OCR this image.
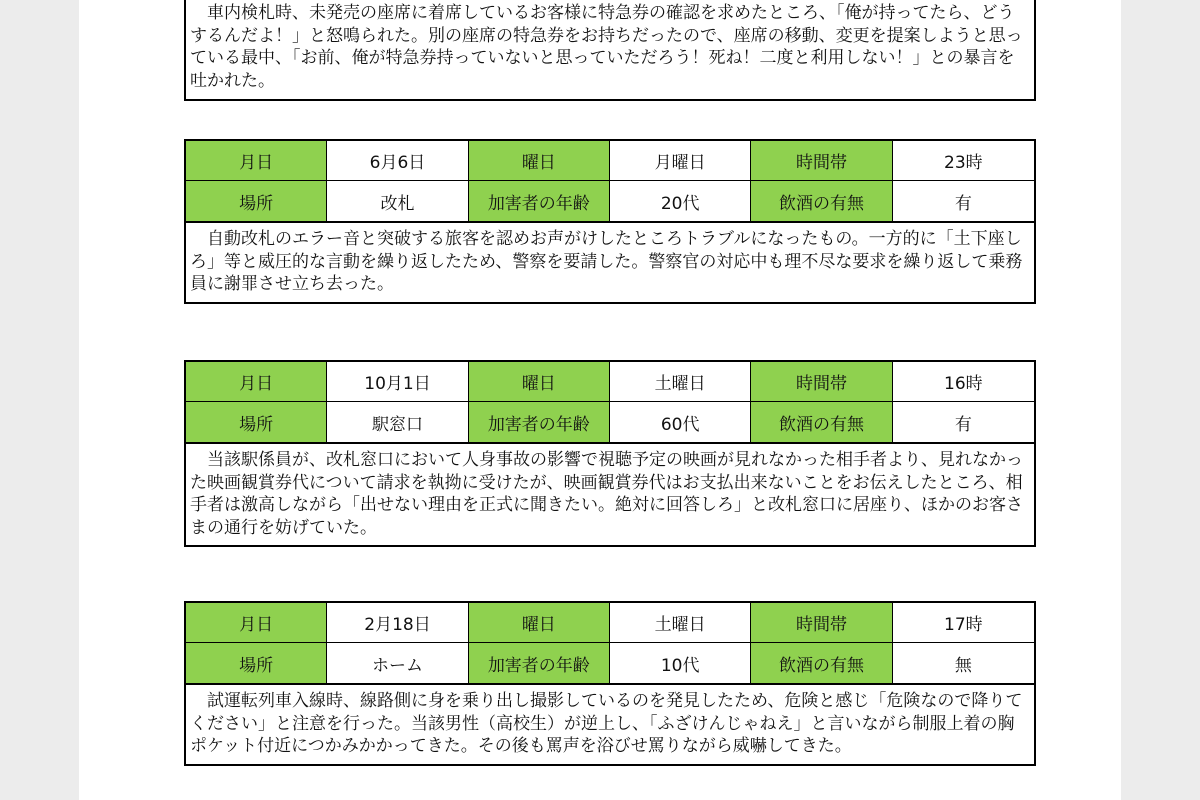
車内検札時、未発売の座席に着席しているお客様に特急券の確認を求めたところ、「俺が持ってたら、どうするんだよ！」と怒鳴られた。別の座席の特急券をお持ちだったので、座席の移動、変更を提案しようと思っている最中、「お前、俺が特急券持っていないと思っていただろう！死ね！二度と利用しない！」との暴言を吐かれた。
月日	6月6日	曜日	月曜日	時間帯	23時
場所	改札	加害者の年齢	20代	飲酒の有無	有
自動改札のエラー音と突破する旅客を認めお声がけしたところトラブルになったもの。一方的に「土下座しろ」等と威圧的な言動を繰り返したため、警察を要請した。警察官の対応中も理不尽な要求を繰り返して乗務員に謝罪させ立ち去った。
月日	10月1日	曜日	土曜日	時間帯	16時
場所	駅窓口	加害者の年齢	60代	飲酒の有無	有
当該駅係員が、改札窓口において人身事故の影響で視聴予定の映画が見れなかった相手者より、見れなかった映画観賞券代について請求を執拗に受けたが、映画観賞券代はお支払出来ないことをお伝えしたところ、相手者は激高しながら「出せない理由を正式に聞きたい。絶対に回答しろ」と改札窓口に居座り、ほかのお客さまの通行を妨げていた。
月日	2月18日	曜日	土曜日	時間帯	17時
場所	ホーム	加害者の年齢	10代	飲酒の有無	無
試運転列車入線時、線路側に身を乗り出し撮影しているのを発見したため、危険と感じ「危険なので降りてください」と注意を行った。当該男性（高校生）が逆上し、「ふざけんじゃねえ」と言いながら制服上着の胸ポケット付近につかみかかってきた。その後も罵声を浴びせ罵りながら威嚇してきた。
